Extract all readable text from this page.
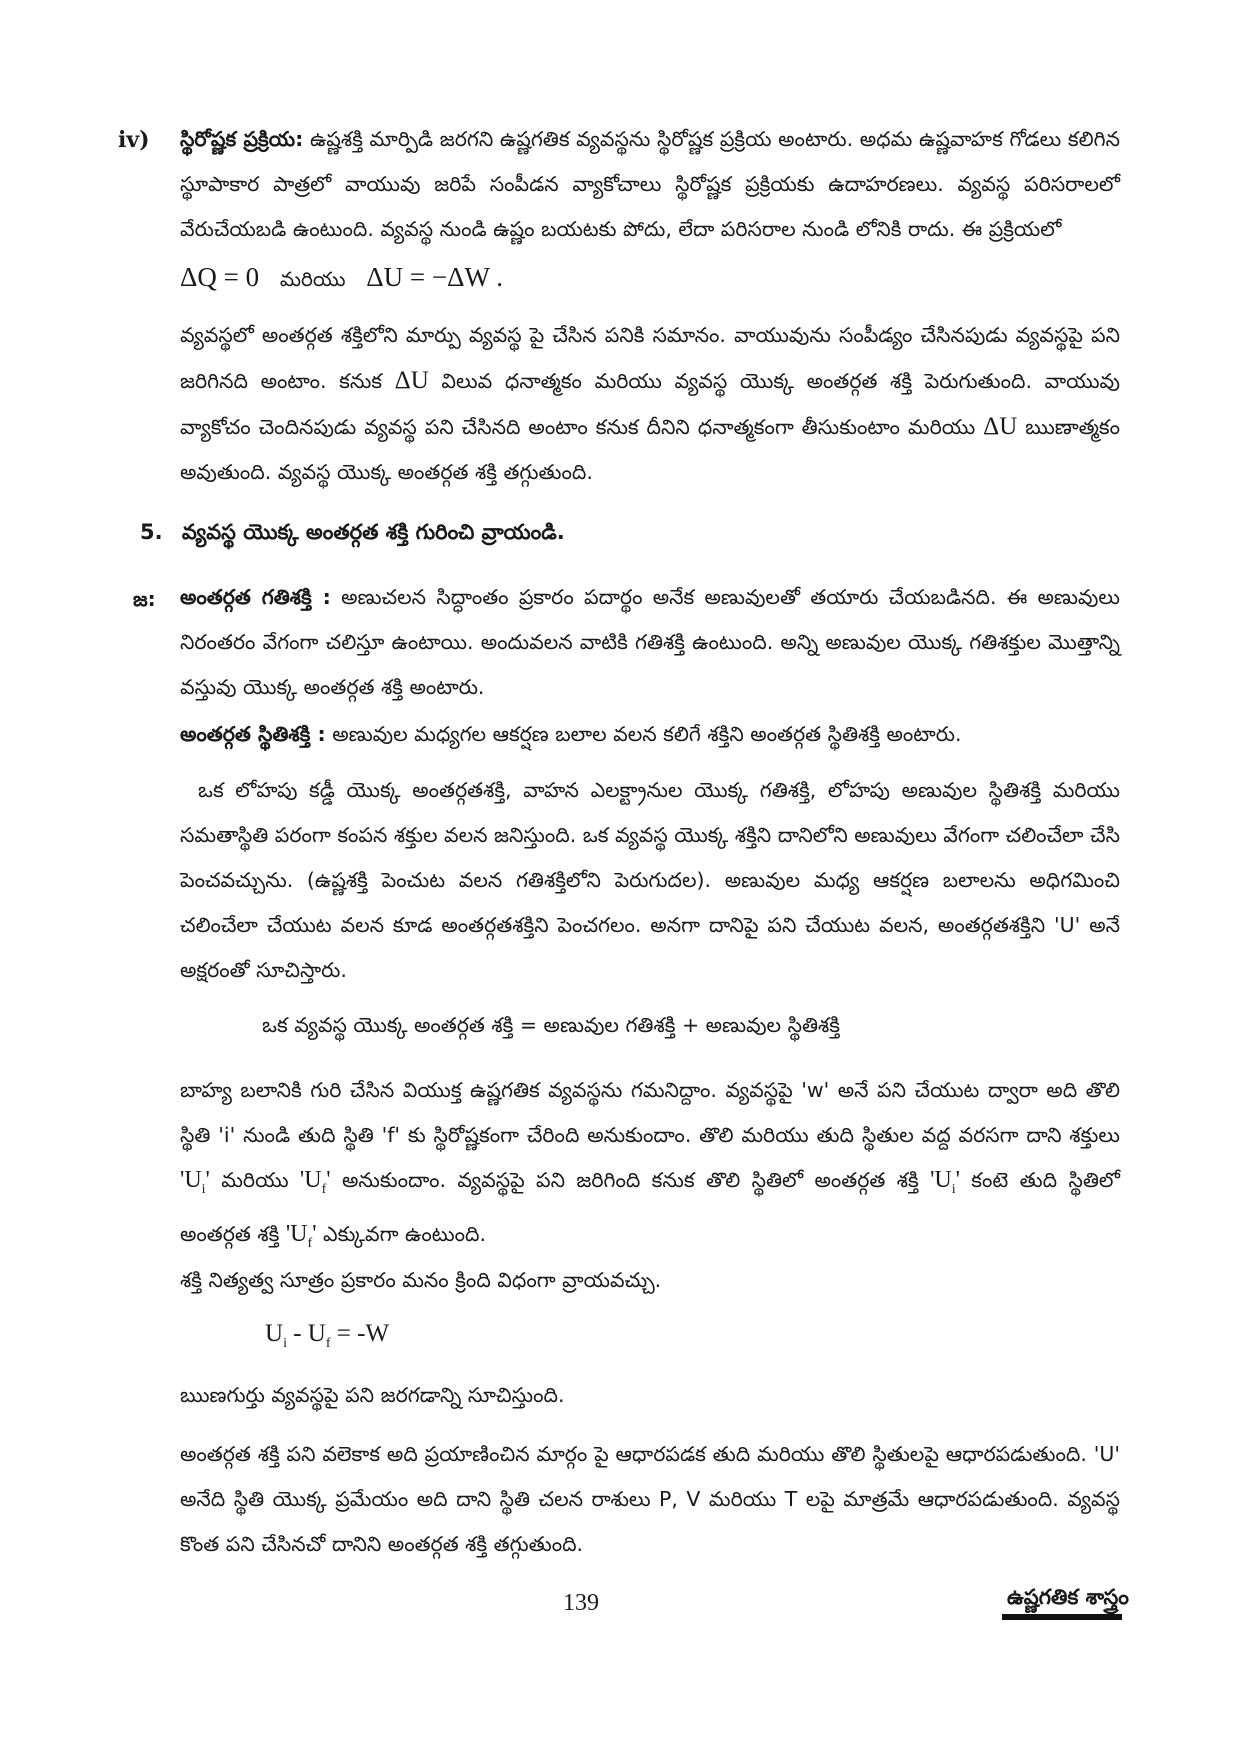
iv) స్థిరోష్ణక ప్రక్రియ: ఉష్ణశక్తి మార్పిడి జరగని ఉష్ణగతిక వ్యవస్థను స్థిరోష్ణక ప్రక్రియ అంటారు. అధమ ఉష్ణవాహక గోడలు కలిగిన స్థూపాకార పాత్రలో వాయువు జరిపే సంపీడన వ్యాకోచాలు స్థిరోష్ణక ప్రక్రియకు ఉదాహరణలు. వ్యవస్థ పరిసరాలలో వేరుచేయబడి ఉంటుంది. వ్యవస్థ నుండి ఉష్ణం బయటకు పోదు, లేదా పరిసరాల నుండి లోనికి రాదు. ఈ ప్రక్రియలో

ΔQ = 0 మరియు ΔU = −ΔW .

వ్యవస్థలో అంతర్గత శక్తిలోని మార్పు వ్యవస్థ పై చేసిన పనికి సమానం. వాయువును సంపీడ్యం చేసినపుడు వ్యవస్థపై పని జరిగినది అంటాం. కనుక ΔU విలువ ధనాత్మకం మరియు వ్యవస్థ యొక్క అంతర్గత శక్తి పెరుగుతుంది. వాయువు వ్యాకోచం చెందినపుడు వ్యవస్థ పని చేసినది అంటాం కనుక దీనిని ధనాత్మకంగా తీసుకుంటాం మరియు ΔU ఋణాత్మకం అవుతుంది. వ్యవస్థ యొక్క అంతర్గత శక్తి తగ్గుతుంది.

5. వ్యవస్థ యొక్క అంతర్గత శక్తి గురించి వ్రాయండి.
జ: అంతర్గత గతిశక్తి : అణుచలన సిద్ధాంతం ప్రకారం పదార్థం అనేక అణువులతో తయారు చేయబడినది. ఈ అణువులు నిరంతరం వేగంగా చలిస్తూ ఉంటాయి. అందువలన వాటికి గతిశక్తి ఉంటుంది. అన్ని అణువుల యొక్క గతిశక్తుల మొత్తాన్ని వస్తువు యొక్క అంతర్గత శక్తి అంటారు.

అంతర్గత స్థితిశక్తి : అణువుల మధ్యగల ఆకర్షణ బలాల వలన కలిగే శక్తిని అంతర్గత స్థితిశక్తి అంటారు.

ఒక లోహపు కడ్డీ యొక్క అంతర్గతశక్తి, వాహన ఎలక్ట్రానుల యొక్క గతిశక్తి, లోహపు అణువుల స్థితిశక్తి మరియు సమతాస్థితి పరంగా కంపన శక్తుల వలన జనిస్తుంది. ఒక వ్యవస్థ యొక్క శక్తిని దానిలోని అణువులు వేగంగా చలించేలా చేసి పెంచవచ్చును. (ఉష్ణశక్తి పెంచుట వలన గతిశక్తిలోని పెరుగుదల). అణువుల మధ్య ఆకర్షణ బలాలను అధిగమించి చలించేలా చేయుట వలన కూడ అంతర్గతశక్తిని పెంచగలం. అనగా దానిపై పని చేయుట వలన, అంతర్గతశక్తిని 'U' అనే అక్షరంతో సూచిస్తారు.

ఒక వ్యవస్థ యొక్క అంతర్గత శక్తి = అణువుల గతిశక్తి + అణువుల స్థితిశక్తి

బాహ్య బలానికి గురి చేసిన వియుక్త ఉష్ణగతిక వ్యవస్థను గమనిద్దాం. వ్యవస్థపై 'w' అనే పని చేయుట ద్వారా అది తొలి స్థితి 'i' నుండి తుది స్థితి 'f' కు స్థిరోష్ణకంగా చేరింది అనుకుందాం. తొలి మరియు తుది స్థితుల వద్ద వరసగా దాని శక్తులు '$U_i$' మరియు '$U_f$' అనుకుందాం. వ్యవస్థపై పని జరిగింది కనుక తొలి స్థితిలో అంతర్గత శక్తి '$U_i$' కంటె తుది స్థితిలో అంతర్గత శక్తి '$U_f$' ఎక్కువగా ఉంటుంది.

శక్తి నిత్యత్వ సూత్రం ప్రకారం మనం క్రింది విధంగా వ్రాయవచ్చు.

$U_i - U_f = -W$

ఋణగుర్తు వ్యవస్థపై పని జరగడాన్ని సూచిస్తుంది.

అంతర్గత శక్తి పని వలెకాక అది ప్రయాణించిన మార్గం పై ఆధారపడక తుది మరియు తొలి స్థితులపై ఆధారపడుతుంది. 'U' అనేది స్థితి యొక్క ప్రమేయం అది దాని స్థితి చలన రాశులు P, V మరియు T లపై మాత్రమే ఆధారపడుతుంది. వ్యవస్థ కొంత పని చేసినచో దానిని అంతర్గత శక్తి తగ్గుతుంది.

139	ఉష్ణగతిక శాస్త్రం
